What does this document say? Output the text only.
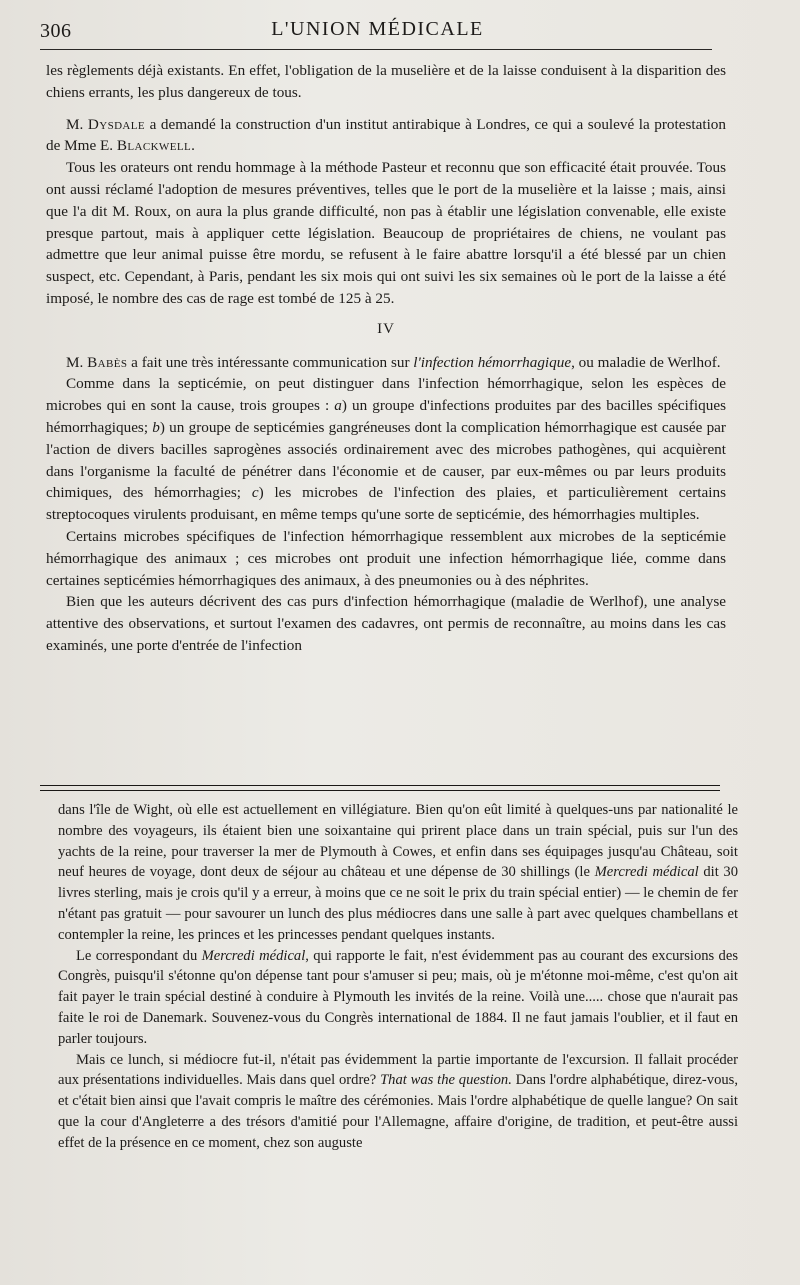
306	L'UNION MÉDICALE

les règlements déjà existants. En effet, l'obligation de la muselière et de la laisse conduisent à la disparition des chiens errants, les plus dangereux de tous.

M. Dysdale a demandé la construction d'un institut antirabique à Londres, ce qui a soulevé la protestation de Mme E. Blackwell.

Tous les orateurs ont rendu hommage à la méthode Pasteur et reconnu que son efficacité était prouvée. Tous ont aussi réclamé l'adoption de mesures préventives, telles que le port de la muselière et la laisse ; mais, ainsi que l'a dit M. Roux, on aura la plus grande difficulté, non pas à établir une législation convenable, elle existe presque partout, mais à appliquer cette législation. Beaucoup de propriétaires de chiens, ne voulant pas admettre que leur animal puisse être mordu, se refusent à le faire abattre lorsqu'il a été blessé par un chien suspect, etc. Cependant, à Paris, pendant les six mois qui ont suivi les six semaines où le port de la laisse a été imposé, le nombre des cas de rage est tombé de 125 à 25.

IV

M. Babès a fait une très intéressante communication sur l'infection hémorrhagique, ou maladie de Werlhof.

Comme dans la septicémie, on peut distinguer dans l'infection hémorrhagique, selon les espèces de microbes qui en sont la cause, trois groupes : a) un groupe d'infections produites par des bacilles spécifiques hémorrhagiques; b) un groupe de septicémies gangréneuses dont la complication hémorrhagique est causée par l'action de divers bacilles saprogènes associés ordinairement avec des microbes pathogènes, qui acquièrent dans l'organisme la faculté de pénétrer dans l'économie et de causer, par eux-mêmes ou par leurs produits chimiques, des hémorrhagies; c) les microbes de l'infection des plaies, et particulièrement certains streptocoques virulents produisant, en même temps qu'une sorte de septicémie, des hémorrhagies multiples.

Certains microbes spécifiques de l'infection hémorrhagique ressemblent aux microbes de la septicémie hémorrhagique des animaux ; ces microbes ont produit une infection hémorrhagique liée, comme dans certaines septicémies hémorrhagiques des animaux, à des pneumonies ou à des néphrites.

Bien que les auteurs décrivent des cas purs d'infection hémorrhagique (maladie de Werlhof), une analyse attentive des observations, et surtout l'examen des cadavres, ont permis de reconnaître, au moins dans les cas examinés, une porte d'entrée de l'infection

dans l'île de Wight, où elle est actuellement en villégiature. Bien qu'on eût limité à quelques-uns par nationalité le nombre des voyageurs, ils étaient bien une soixantaine qui prirent place dans un train spécial, puis sur l'un des yachts de la reine, pour traverser la mer de Plymouth à Cowes, et enfin dans ses équipages jusqu'au Château, soit neuf heures de voyage, dont deux de séjour au château et une dépense de 30 shillings (le Mercredi médical dit 30 livres sterling, mais je crois qu'il y a erreur, à moins que ce ne soit le prix du train spécial entier) — le chemin de fer n'étant pas gratuit — pour savourer un lunch des plus médiocres dans une salle à part avec quelques chambellans et contempler la reine, les princes et les princesses pendant quelques instants.

Le correspondant du Mercredi médical, qui rapporte le fait, n'est évidemment pas au courant des excursions des Congrès, puisqu'il s'étonne qu'on dépense tant pour s'amuser si peu; mais, où je m'étonne moi-même, c'est qu'on ait fait payer le train spécial destiné à conduire à Plymouth les invités de la reine. Voilà une..... chose que n'aurait pas faite le roi de Danemark. Souvenez-vous du Congrès international de 1884. Il ne faut jamais l'oublier, et il faut en parler toujours.

Mais ce lunch, si médiocre fut-il, n'était pas évidemment la partie importante de l'excursion. Il fallait procéder aux présentations individuelles. Mais dans quel ordre? That was the question. Dans l'ordre alphabétique, direz-vous, et c'était bien ainsi que l'avait compris le maître des cérémonies. Mais l'ordre alphabétique de quelle langue? On sait que la cour d'Angleterre a des trésors d'amitié pour l'Allemagne, affaire d'origine, de tradition, et peut-être aussi effet de la présence en ce moment, chez son auguste
